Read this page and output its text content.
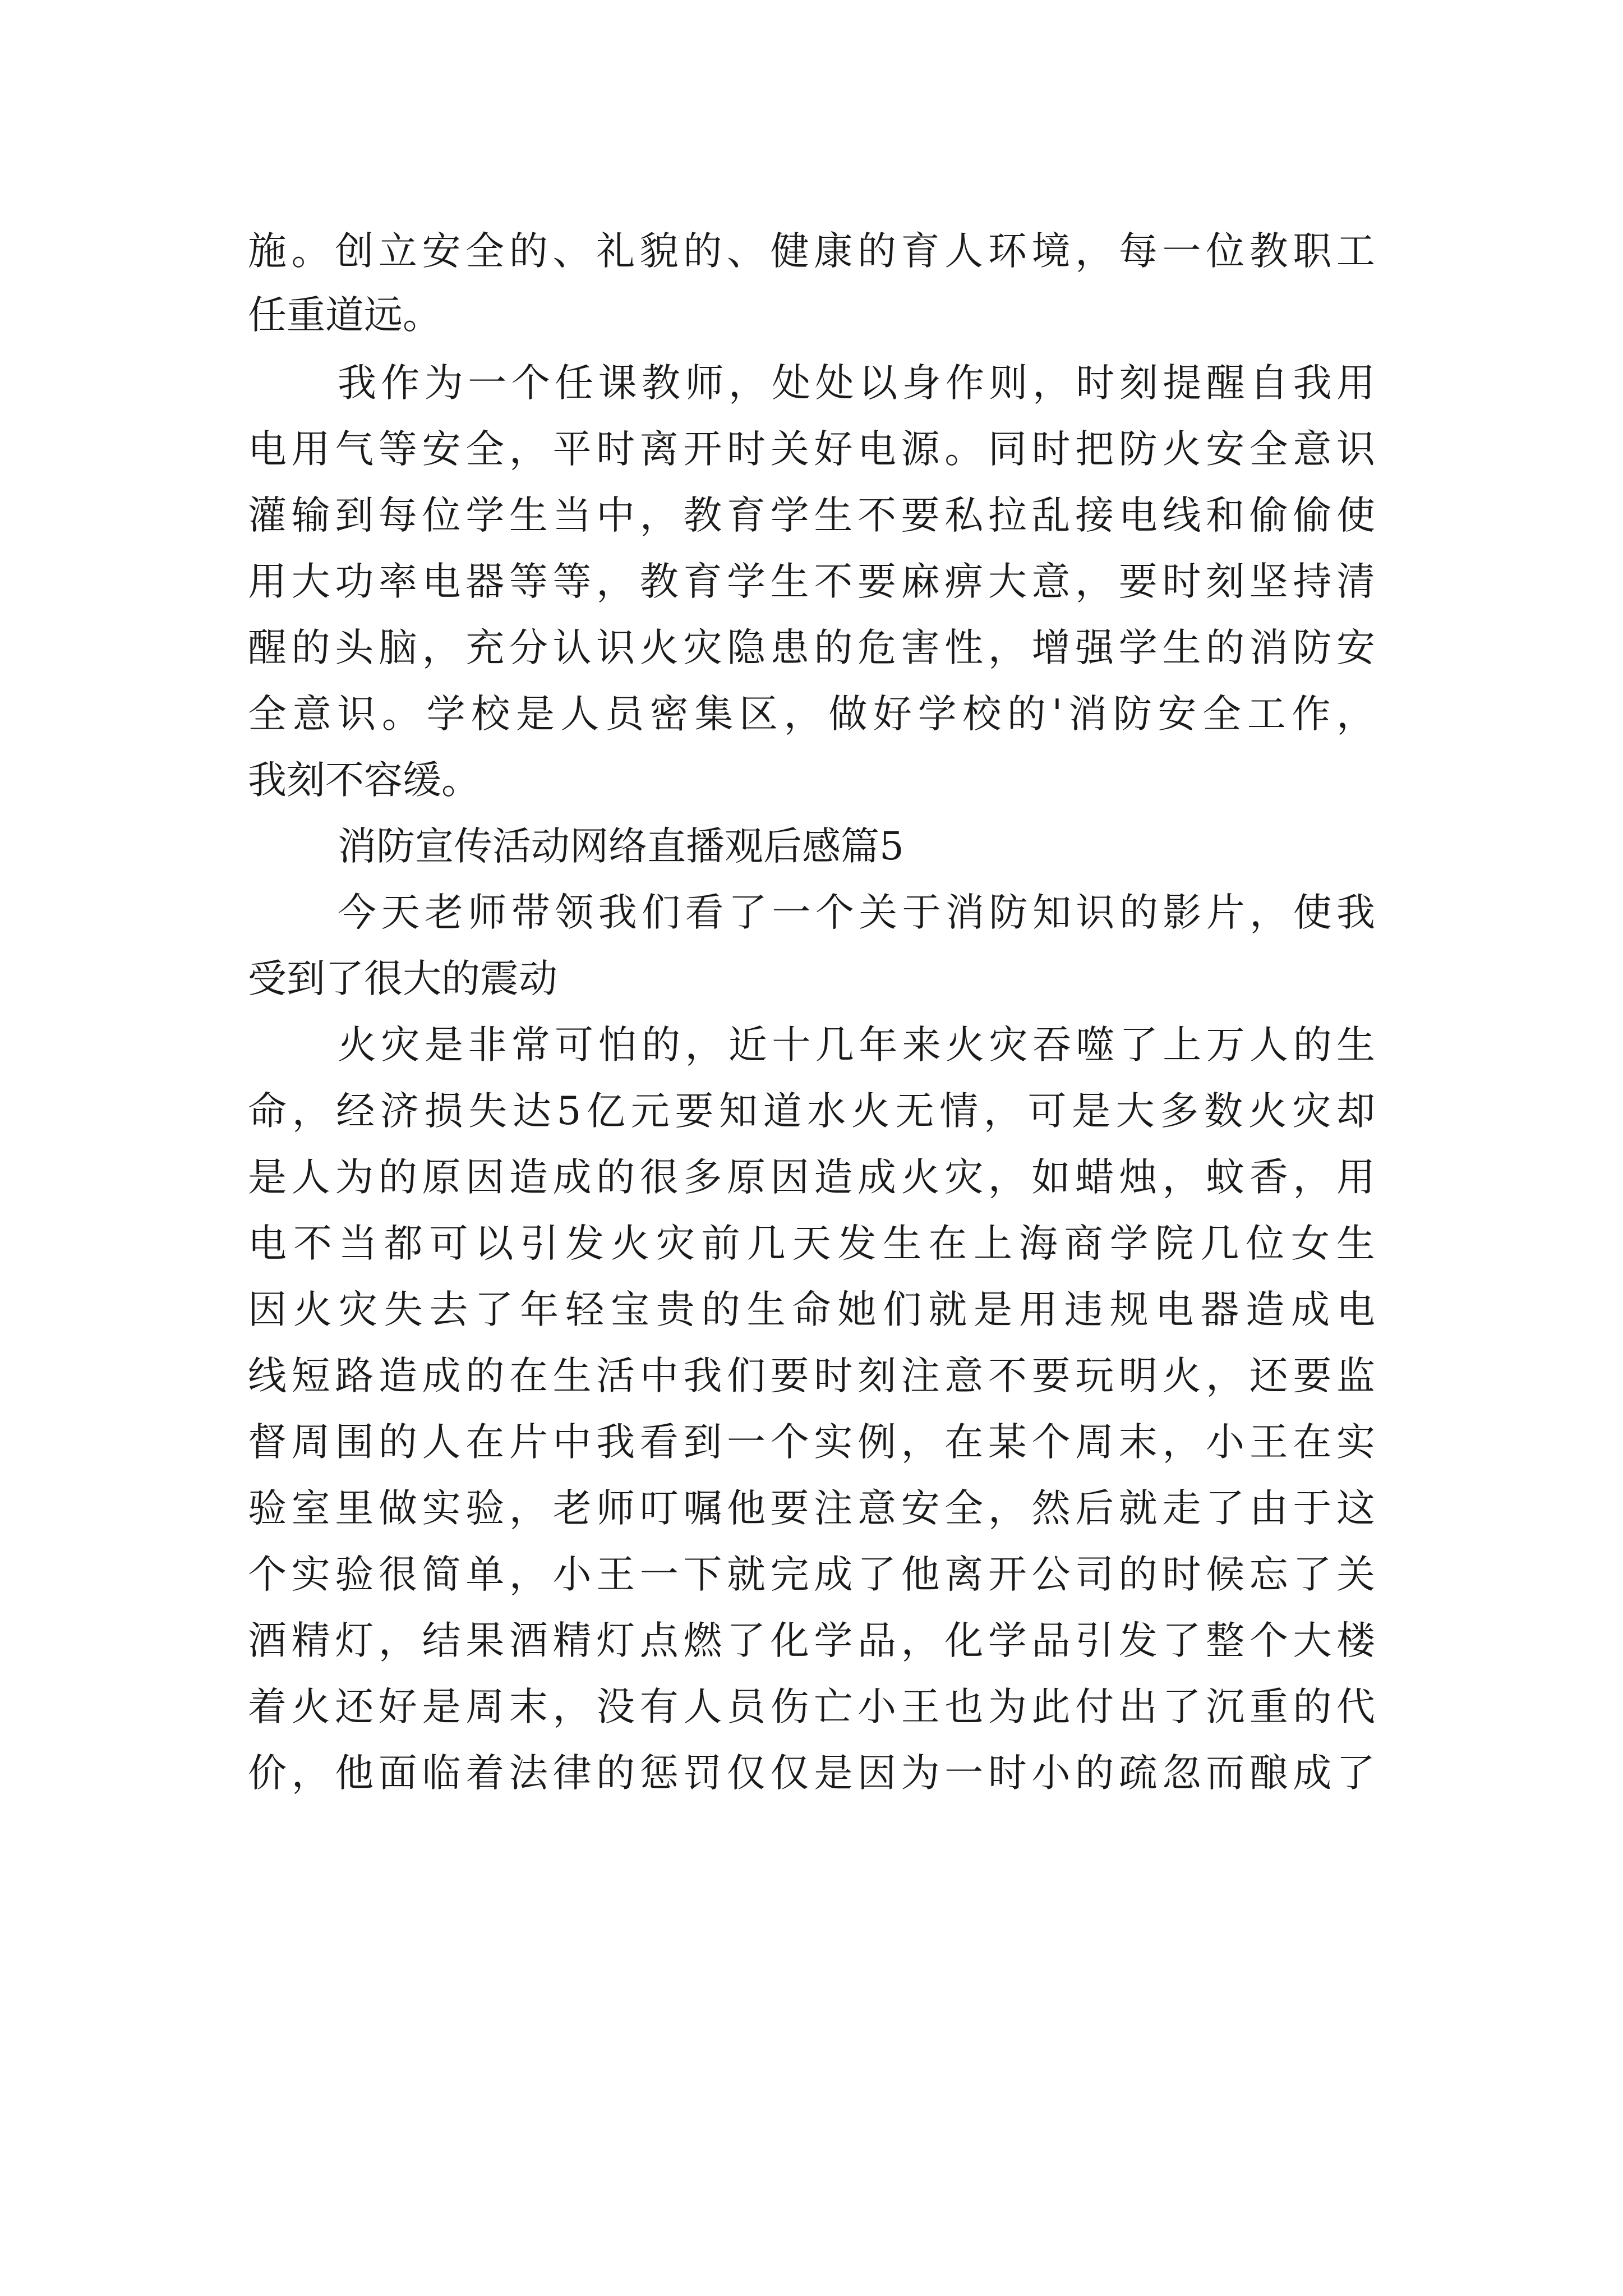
施。创立安全的、礼貌的、健康的育人环境，每一位教职工

任重道远。

我作为一个任课教师，处处以身作则，时刻提醒自我用

电用气等安全，平时离开时关好电源。同时把防火安全意识

灌输到每位学生当中，教育学生不要私拉乱接电线和偷偷使

用大功率电器等等，教育学生不要麻痹大意，要时刻坚持清

醒的头脑，充分认识火灾隐患的危害性，增强学生的消防安

全意识。学校是人员密集区，做好学校的'消防安全工作，

我刻不容缓。

消防宣传活动网络直播观后感篇5

今天老师带领我们看了一个关于消防知识的影片，使我

受到了很大的震动

火灾是非常可怕的，近十几年来火灾吞噬了上万人的生

命，经济损失达5亿元要知道水火无情，可是大多数火灾却

是人为的原因造成的很多原因造成火灾，如蜡烛，蚊香，用

电不当都可以引发火灾前几天发生在上海商学院几位女生

因火灾失去了年轻宝贵的生命她们就是用违规电器造成电

线短路造成的在生活中我们要时刻注意不要玩明火，还要监

督周围的人在片中我看到一个实例，在某个周末，小王在实

验室里做实验，老师叮嘱他要注意安全，然后就走了由于这

个实验很简单，小王一下就完成了他离开公司的时候忘了关

酒精灯，结果酒精灯点燃了化学品，化学品引发了整个大楼

着火还好是周末，没有人员伤亡小王也为此付出了沉重的代

价，他面临着法律的惩罚仅仅是因为一时小的疏忽而酿成了
